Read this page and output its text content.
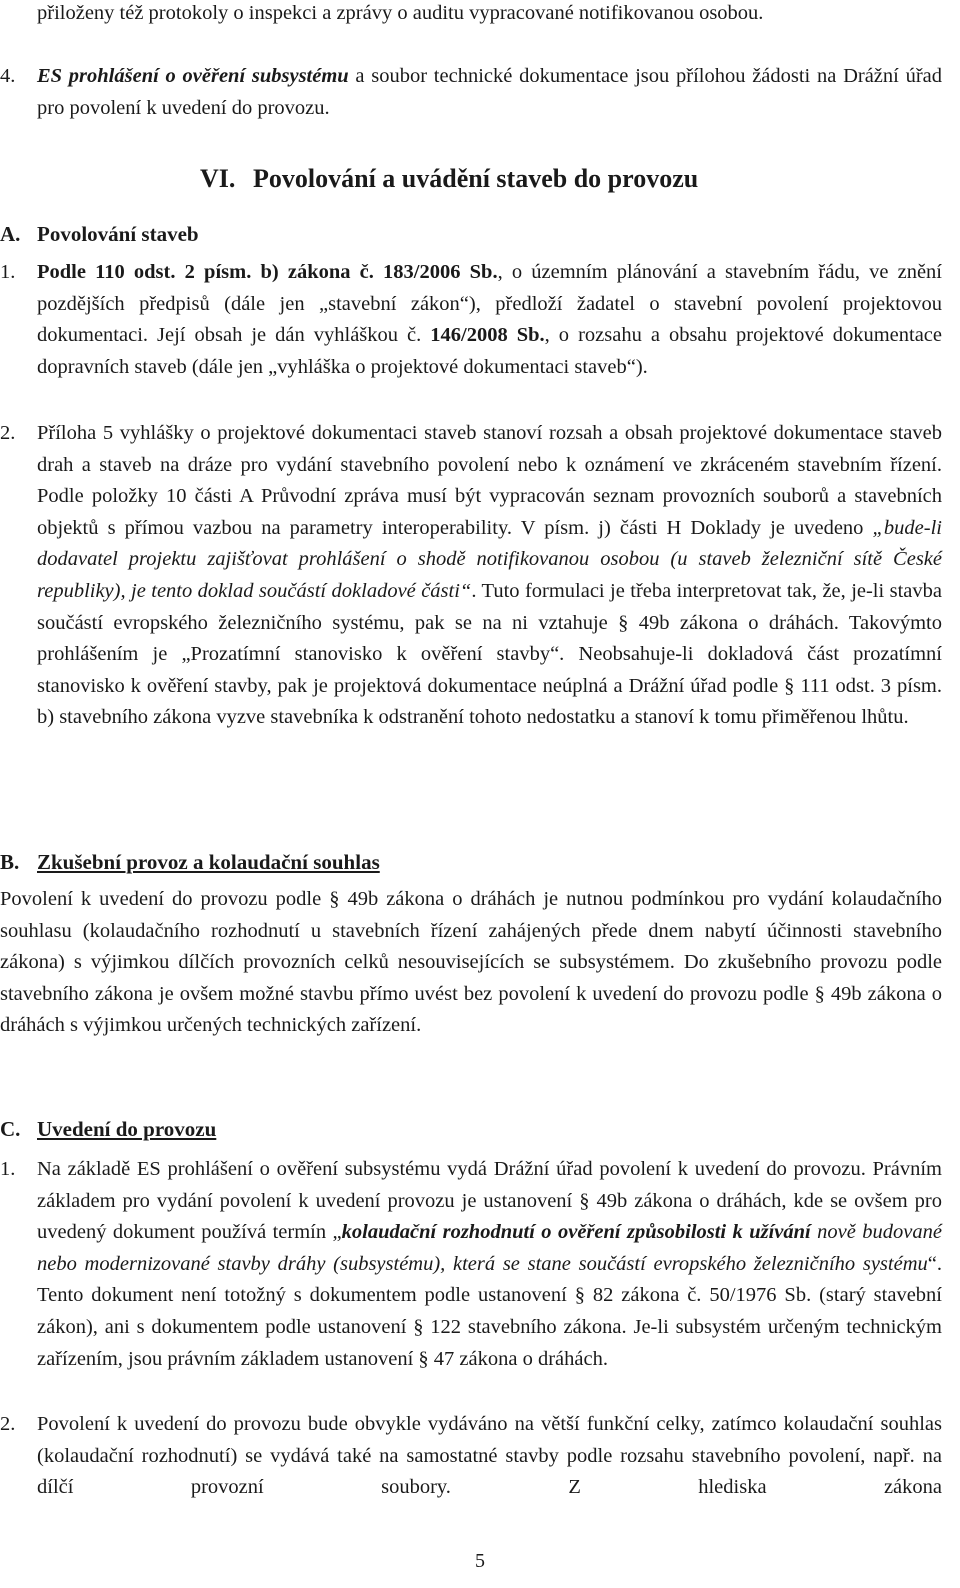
přiloženy též protokoly o inspekci a zprávy o auditu vypracované notifikovanou osobou.

4. ES prohlášení o ověření subsystému a soubor technické dokumentace jsou přílohou žádosti na Drážní úřad pro povolení k uvedení do provozu.

VI. Povolování a uvádění staveb do provozu
A. Povolování staveb
1. Podle 110 odst. 2 písm. b) zákona č. 183/2006 Sb., o územním plánování a stavebním řádu, ve znění pozdějších předpisů (dále jen „stavební zákon“), předloží žadatel o stavební povolení projektovou dokumentaci. Její obsah je dán vyhláškou č. 146/2008 Sb., o rozsahu a obsahu projektové dokumentace dopravních staveb (dále jen „vyhláška o projektové dokumentaci staveb“).

2. Příloha 5 vyhlášky o projektové dokumentaci staveb stanoví rozsah a obsah projektové dokumentace staveb drah a staveb na dráze pro vydání stavebního povolení nebo k oznámení ve zkráceném stavebním řízení. Podle položky 10 části A Průvodní zpráva musí být vypracován seznam provozních souborů a stavebních objektů s přímou vazbou na parametry interoperability. V písm. j) části H Doklady je uvedeno „bude-li dodavatel projektu zajišťovat prohlášení o shodě notifikovanou osobou (u staveb železniční sítě České republiky), je tento doklad součástí dokladové části“. Tuto formulaci je třeba interpretovat tak, že, je-li stavba součástí evropského železničního systému, pak se na ni vztahuje § 49b zákona o dráhách. Takovýmto prohlášením je „Prozatímní stanovisko k ověření stavby“. Neobsahuje-li dokladová část prozatímní stanovisko k ověření stavby, pak je projektová dokumentace neúplná a Drážní úřad podle § 111 odst. 3 písm. b) stavebního zákona vyzve stavebníka k odstranění tohoto nedostatku a stanoví k tomu přiměřenou lhůtu.

B. Zkušební provoz a kolaudační souhlas

Povolení k uvedení do provozu podle § 49b zákona o dráhách je nutnou podmínkou pro vydání kolaudačního souhlasu (kolaudačního rozhodnutí u stavebních řízení zahájených přede dnem nabytí účinnosti stavebního zákona) s výjimkou dílčích provozních celků nesouvisejících se subsystémem. Do zkušebního provozu podle stavebního zákona je ovšem možné stavbu přímo uvést bez povolení k uvedení do provozu podle § 49b zákona o dráhách s výjimkou určených technických zařízení.

C. Uvedení do provozu
1. Na základě ES prohlášení o ověření subsystému vydá Drážní úřad povolení k uvedení do provozu. Právním základem pro vydání povolení k uvedení provozu je ustanovení § 49b zákona o dráhách, kde se ovšem pro uvedený dokument používá termín „kolaudační rozhodnutí o ověření způsobilosti k užívání nově budované nebo modernizované stavby dráhy (subsystému), která se stane součástí evropského železničního systému“. Tento dokument není totožný s dokumentem podle ustanovení § 82 zákona č. 50/1976 Sb. (starý stavební zákon), ani s dokumentem podle ustanovení § 122 stavebního zákona. Je-li subsystém určeným technickým zařízením, jsou právním základem ustanovení § 47 zákona o dráhách.

2. Povolení k uvedení do provozu bude obvykle vydáváno na větší funkční celky, zatímco kolaudační souhlas (kolaudační rozhodnutí) se vydává také na samostatné stavby podle rozsahu stavebního povolení, např. na dílčí provozní soubory. Z hlediska zákona

5
